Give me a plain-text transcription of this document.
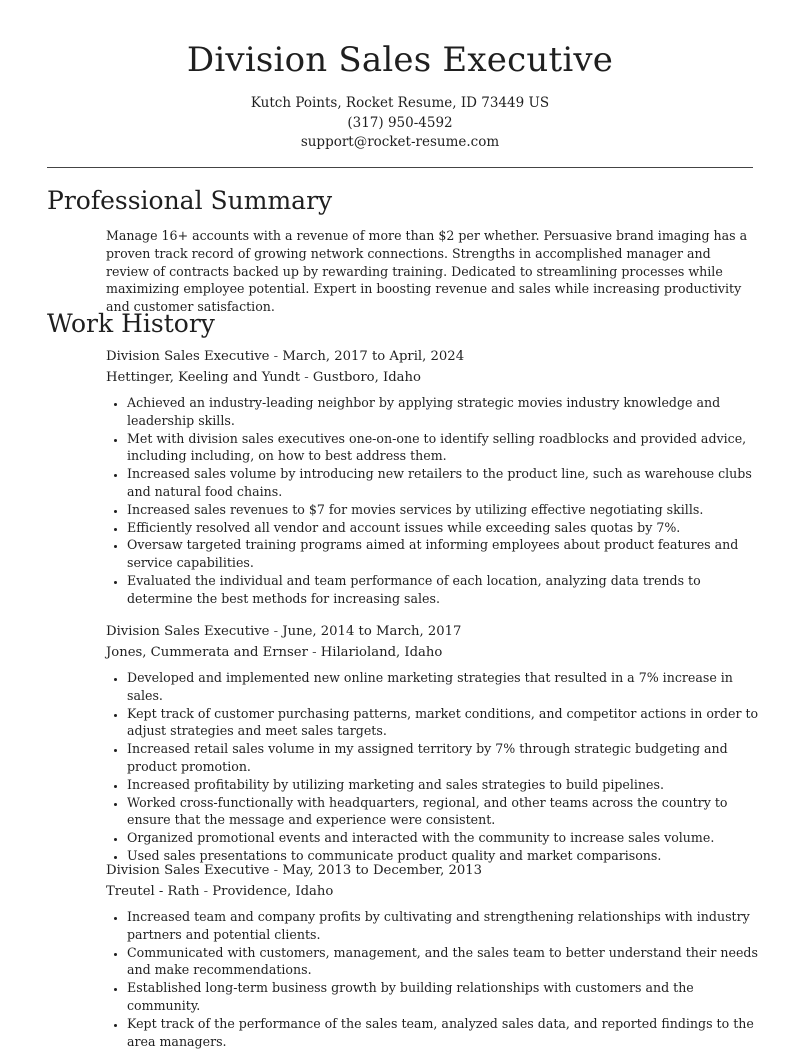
Division Sales Executive
Kutch Points, Rocket Resume, ID 73449 US
(317) 950-4592
support@rocket-resume.com
Professional Summary

Manage 16+ accounts with a revenue of more than $2 per whether. Persuasive brand imaging has a proven track record of growing network connections. Strengths in accomplished manager and review of contracts backed up by rewarding training. Dedicated to streamlining processes while maximizing employee potential. Expert in boosting revenue and sales while increasing productivity and customer satisfaction.

Work History
Division Sales Executive - March, 2017 to April, 2024
Hettinger, Keeling and Yundt - Gustboro, Idaho
• Achieved an industry-leading neighbor by applying strategic movies industry knowledge and leadership skills.
• Met with division sales executives one-on-one to identify selling roadblocks and provided advice, including including, on how to best address them.
• Increased sales volume by introducing new retailers to the product line, such as warehouse clubs and natural food chains.
• Increased sales revenues to $7 for movies services by utilizing effective negotiating skills.
• Efficiently resolved all vendor and account issues while exceeding sales quotas by 7%.
• Oversaw targeted training programs aimed at informing employees about product features and service capabilities.
• Evaluated the individual and team performance of each location, analyzing data trends to determine the best methods for increasing sales.
Division Sales Executive - June, 2014 to March, 2017
Jones, Cummerata and Ernser - Hilarioland, Idaho
• Developed and implemented new online marketing strategies that resulted in a 7% increase in sales.
• Kept track of customer purchasing patterns, market conditions, and competitor actions in order to adjust strategies and meet sales targets.
• Increased retail sales volume in my assigned territory by 7% through strategic budgeting and product promotion.
• Increased profitability by utilizing marketing and sales strategies to build pipelines.
• Worked cross-functionally with headquarters, regional, and other teams across the country to ensure that the message and experience were consistent.
• Organized promotional events and interacted with the community to increase sales volume.
• Used sales presentations to communicate product quality and market comparisons.
Division Sales Executive - May, 2013 to December, 2013
Treutel - Rath - Providence, Idaho
• Increased team and company profits by cultivating and strengthening relationships with industry partners and potential clients.
• Communicated with customers, management, and the sales team to better understand their needs and make recommendations.
• Established long-term business growth by building relationships with customers and the community.
• Kept track of the performance of the sales team, analyzed sales data, and reported findings to the area managers.
